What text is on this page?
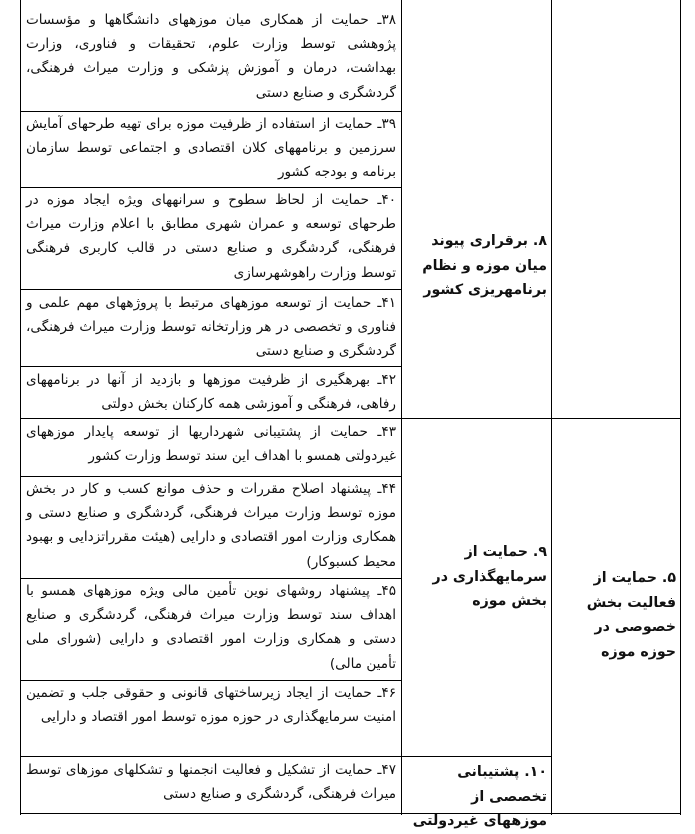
۳۸ـ حمایت از همکاری میان موزههای دانشگاهها و مؤسسات پژوهشی توسط وزارت علوم، تحقیقات و فناوری، وزارت بهداشت، درمان و آموزش پزشکی و وزارت میراث فرهنگی، گردشگری و صنایع دستی
۳۹ـ حمایت از استفاده از ظرفیت موزه برای تهیه طرحهای آمایش سرزمین و برنامههای کلان اقتصادی و اجتماعی توسط سازمان برنامه و بودجه کشور
۴۰ـ حمایت از لحاظ سطوح و سرانههای ویژه ایجاد موزه در طرحهای توسعه و عمران شهری مطابق با اعلام وزارت میراث فرهنگی، گردشگری و صنایع دستی در قالب کاربری فرهنگی توسط وزارت راهوشهرسازی
۴۱ـ حمایت از توسعه موزههای مرتبط با پروژههای مهم علمی و فناوری و تخصصی در هر وزارتخانه توسط وزارت میراث فرهنگی، گردشگری و صنایع دستی
۴۲ـ بهرهگیری از ظرفیت موزهها و بازدید از آنها در برنامههای رفاهی، فرهنگی و آموزشی همه کارکنان بخش دولتی
۴۳ـ حمایت از پشتیبانی شهرداریها از توسعه پایدار موزههای غیردولتی همسو با اهداف این سند توسط وزارت کشور
۴۴ـ پیشنهاد اصلاح مقررات و حذف موانع کسب و کار در بخش موزه توسط وزارت میراث فرهنگی، گردشگری و صنایع دستی و همکاری وزارت امور اقتصادی و دارایی (هیئت مقرراتزدایی و بهبود محیط کسبوکار)
۴۵ـ پیشنهاد روشهای نوین تأمین مالی ویژه موزههای همسو با اهداف سند توسط وزارت میراث فرهنگی، گردشگری و صنایع دستی و همکاری وزارت امور اقتصادی و دارایی (شورای ملی تأمین مالی)
۴۶ـ حمایت از ایجاد زیرساختهای قانونی و حقوقی جلب و تضمین امنیت سرمایهگذاری در حوزه موزه توسط امور اقتصاد و دارایی
۴۷ـ حمایت از تشکیل و فعالیت انجمنها و تشکلهای موزهای توسط میراث فرهنگی، گردشگری و صنایع دستی
۸. برقراری پیوند میان موزه و نظام برنامهریزی کشور
۹. حمایت از سرمایهگذاری در بخش موزه
۱۰. پشتیبانی تخصصی از موزههای غیردولتی
۵. حمایت از فعالیت بخش خصوصی در حوزه موزه
